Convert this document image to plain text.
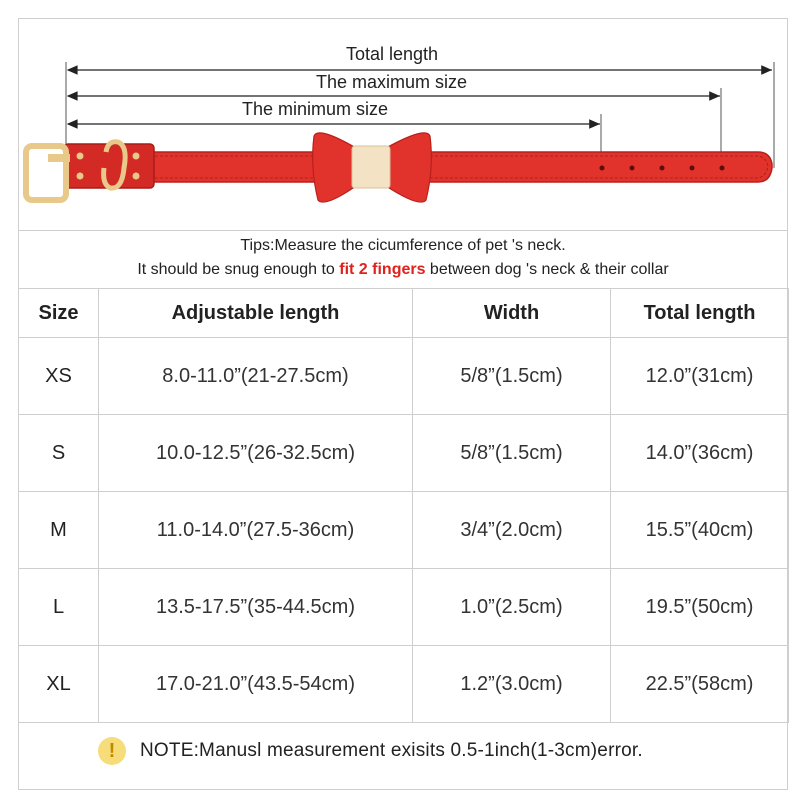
Total length
The maximum size
The minimum size
Tips:Measure the cicumference of pet 's neck.
It should be snug enough to fit 2 fingers between dog 's neck & their collar
Size	Adjustable length	Width	Total length
XS	8.0-11.0”(21-27.5cm)	5/8”(1.5cm)	12.0”(31cm)
S	10.0-12.5”(26-32.5cm)	5/8”(1.5cm)	14.0”(36cm)
M	11.0-14.0”(27.5-36cm)	3/4”(2.0cm)	15.5”(40cm)
L	13.5-17.5”(35-44.5cm)	1.0”(2.5cm)	19.5”(50cm)
XL	17.0-21.0”(43.5-54cm)	1.2”(3.0cm)	22.5”(58cm)
!	NOTE:Manusl measurement exisits 0.5-1inch(1-3cm)error.
